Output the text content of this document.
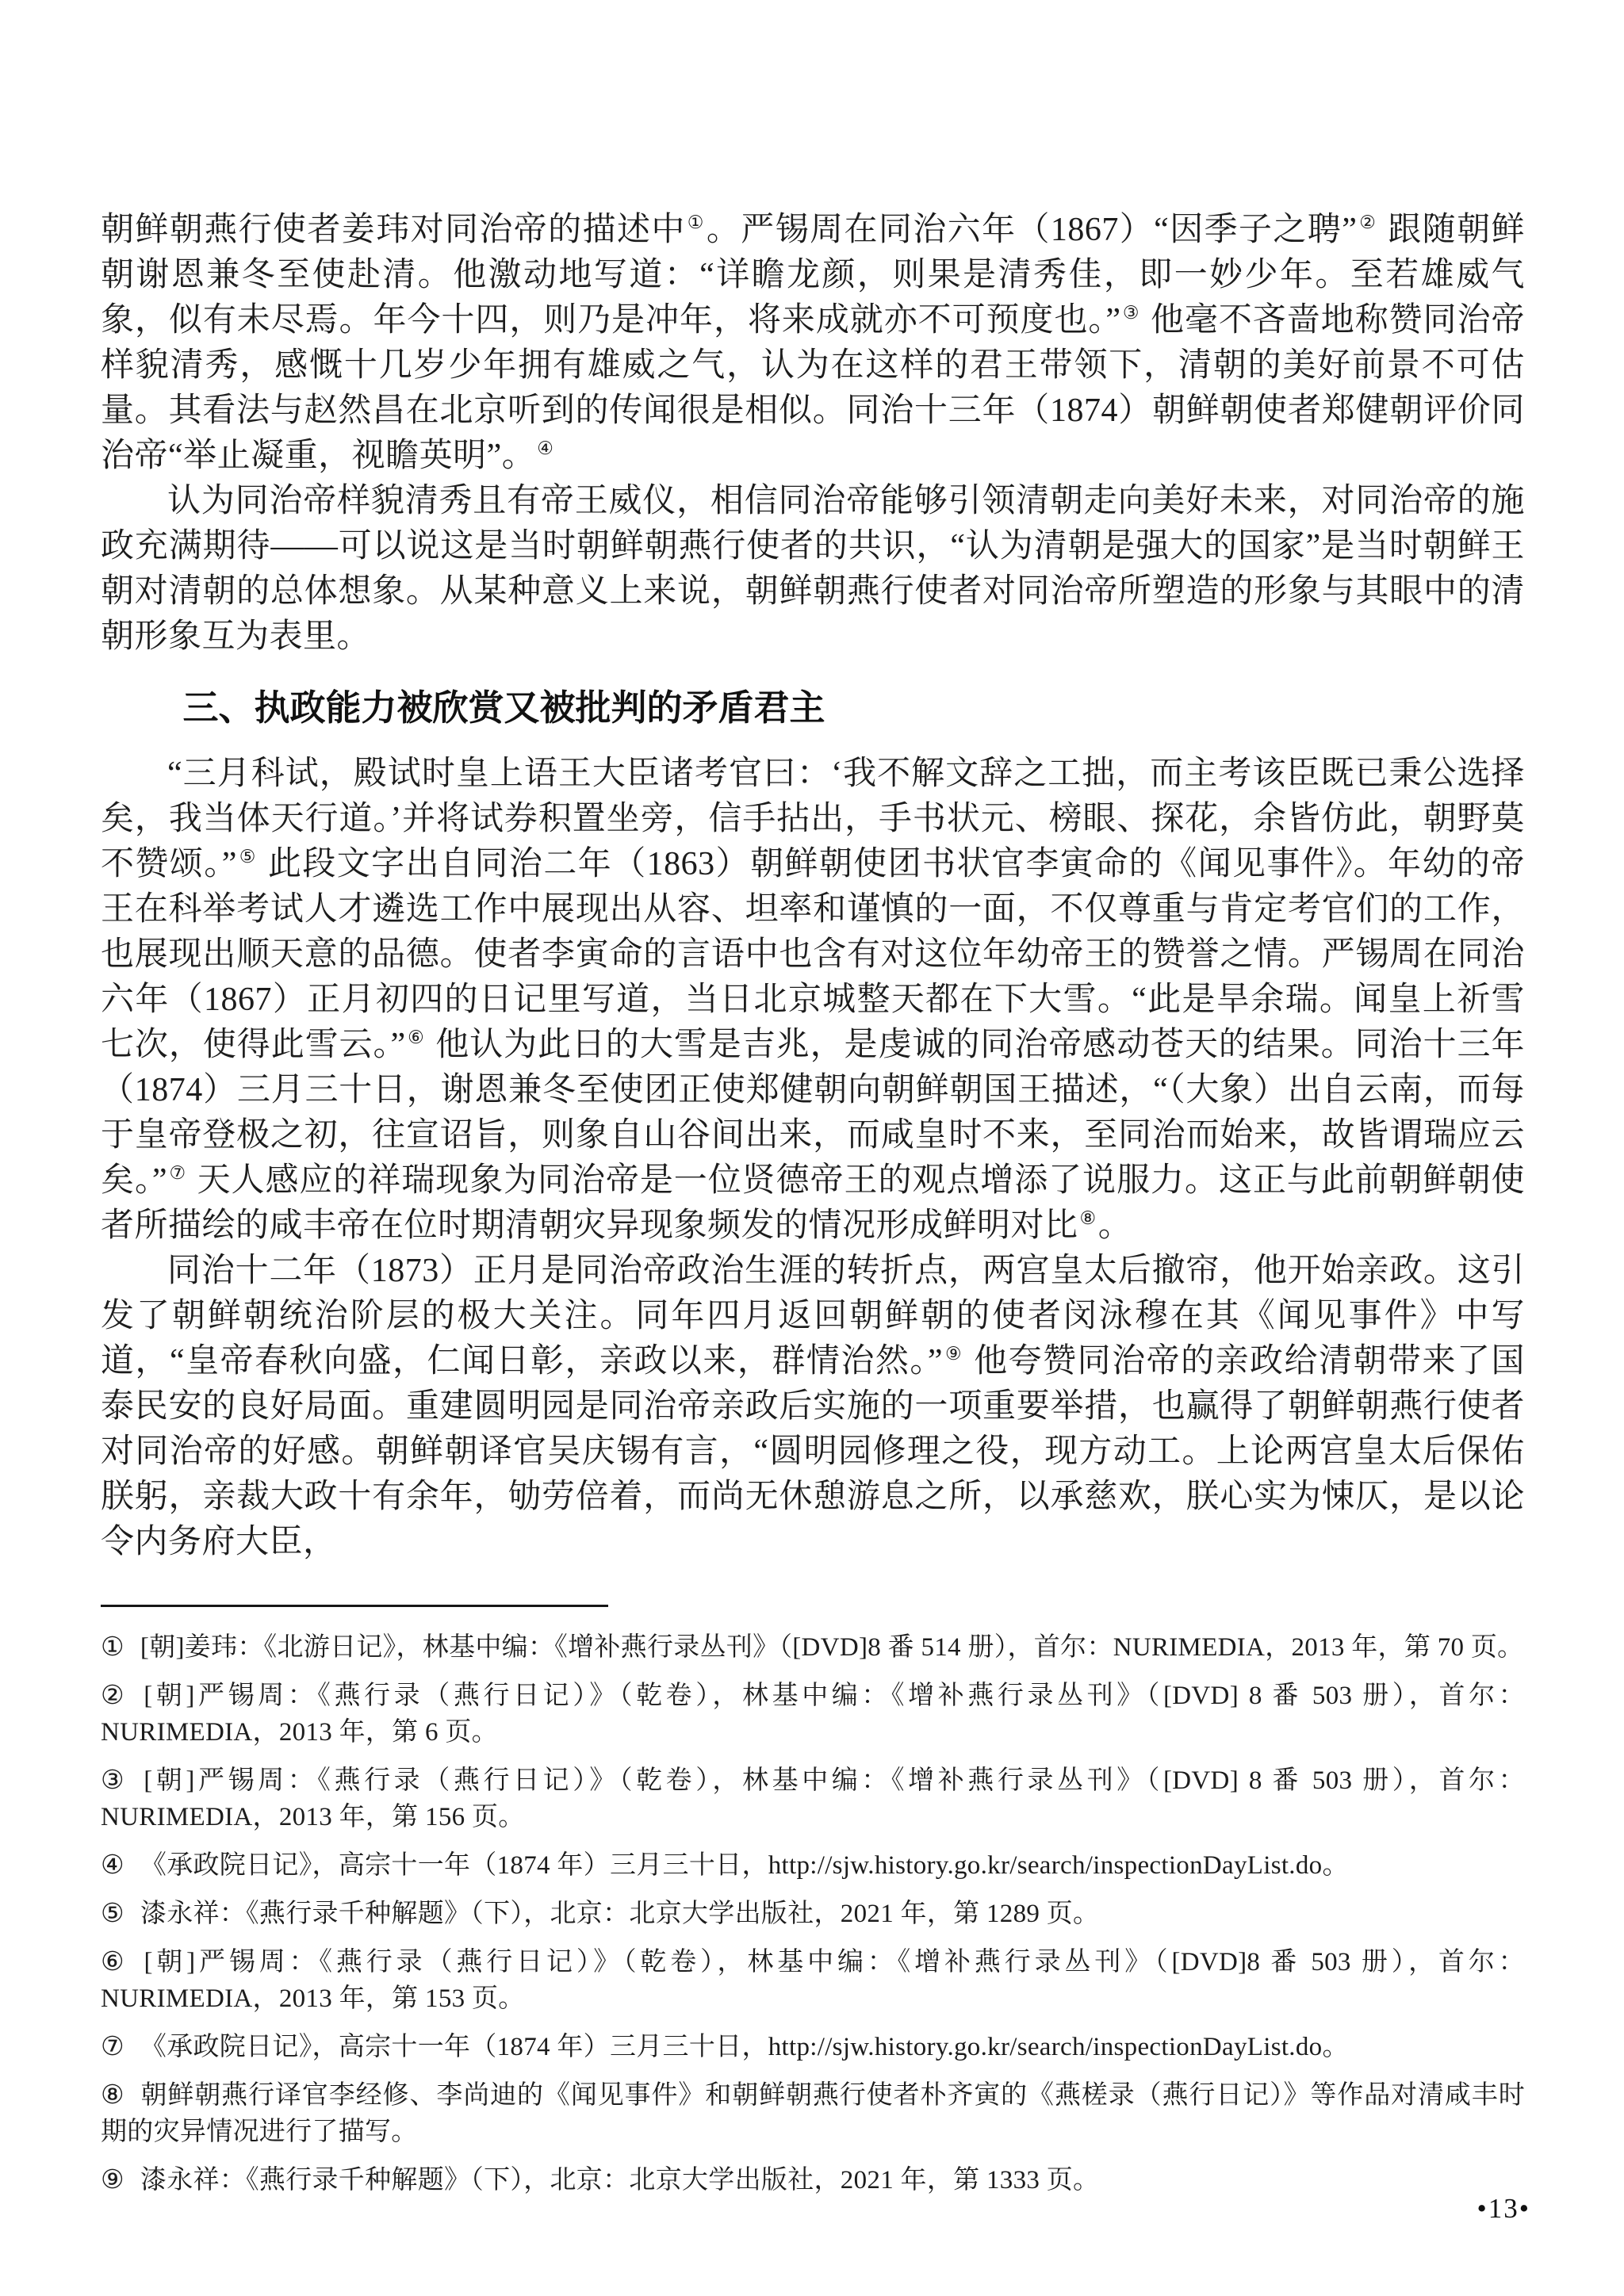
朝鲜朝燕行使者姜玮对同治帝的描述中①。严锡周在同治六年（1867）“因季子之聘”② 跟随朝鲜朝谢恩兼冬至使赴清。他激动地写道：“详瞻龙颜，则果是清秀佳，即一妙少年。至若雄威气象，似有未尽焉。年今十四，则乃是冲年，将来成就亦不可预度也。”③ 他毫不吝啬地称赞同治帝样貌清秀，感慨十几岁少年拥有雄威之气，认为在这样的君王带领下，清朝的美好前景不可估量。其看法与赵然昌在北京听到的传闻很是相似。同治十三年（1874）朝鲜朝使者郑健朝评价同治帝“举止凝重，视瞻英明”。④

认为同治帝样貌清秀且有帝王威仪，相信同治帝能够引领清朝走向美好未来，对同治帝的施政充满期待——可以说这是当时朝鲜朝燕行使者的共识，“认为清朝是强大的国家”是当时朝鲜王朝对清朝的总体想象。从某种意义上来说，朝鲜朝燕行使者对同治帝所塑造的形象与其眼中的清朝形象互为表里。

三、执政能力被欣赏又被批判的矛盾君主

“三月科试，殿试时皇上语王大臣诸考官曰：‘我不解文辞之工拙，而主考该臣既已秉公选择矣，我当体天行道。’并将试券积置坐旁，信手拈出，手书状元、榜眼、探花，余皆仿此，朝野莫不赞颂。”⑤ 此段文字出自同治二年（1863）朝鲜朝使团书状官李寅命的《闻见事件》。年幼的帝王在科举考试人才遴选工作中展现出从容、坦率和谨慎的一面，不仅尊重与肯定考官们的工作，也展现出顺天意的品德。使者李寅命的言语中也含有对这位年幼帝王的赞誉之情。严锡周在同治六年（1867）正月初四的日记里写道，当日北京城整天都在下大雪。“此是旱余瑞。闻皇上祈雪七次，使得此雪云。”⑥ 他认为此日的大雪是吉兆，是虔诚的同治帝感动苍天的结果。同治十三年（1874）三月三十日，谢恩兼冬至使团正使郑健朝向朝鲜朝国王描述，“（大象）出自云南，而每于皇帝登极之初，往宣诏旨，则象自山谷间出来，而咸皇时不来，至同治而始来，故皆谓瑞应云矣。”⑦ 天人感应的祥瑞现象为同治帝是一位贤德帝王的观点增添了说服力。这正与此前朝鲜朝使者所描绘的咸丰帝在位时期清朝灾异现象频发的情况形成鲜明对比⑧。

同治十二年（1873）正月是同治帝政治生涯的转折点，两宫皇太后撤帘，他开始亲政。这引发了朝鲜朝统治阶层的极大关注。同年四月返回朝鲜朝的使者闵泳穆在其《闻见事件》中写道，“皇帝春秋向盛，仁闻日彰，亲政以来，群情治然。”⑨ 他夸赞同治帝的亲政给清朝带来了国泰民安的良好局面。重建圆明园是同治帝亲政后实施的一项重要举措，也赢得了朝鲜朝燕行使者对同治帝的好感。朝鲜朝译官吴庆锡有言，“圆明园修理之役，现方动工。上论两宫皇太后保佑朕躬，亲裁大政十有余年，劬劳倍着，而尚无休憩游息之所，以承慈欢，朕心实为悚仄，是以论令内务府大臣，

① [朝]姜玮：《北游日记》，林基中编：《增补燕行录丛刊》（[DVD]8 番 514 册），首尔：NURIMEDIA，2013 年，第 70 页。

② [朝]严锡周：《燕行录（燕行日记）》（乾卷），林基中编：《增补燕行录丛刊》（[DVD] 8 番 503 册），首尔：NURIMEDIA，2013 年，第 6 页。

③ [朝]严锡周：《燕行录（燕行日记）》（乾卷），林基中编：《增补燕行录丛刊》（[DVD] 8 番 503 册），首尔：NURIMEDIA，2013 年，第 156 页。

④ 《承政院日记》，高宗十一年（1874 年）三月三十日，http://sjw.history.go.kr/search/inspectionDayList.do。

⑤ 漆永祥：《燕行录千种解题》（下），北京：北京大学出版社，2021 年，第 1289 页。

⑥ [朝]严锡周：《燕行录（燕行日记）》（乾卷），林基中编：《增补燕行录丛刊》（[DVD]8 番 503 册），首尔：NURIMEDIA，2013 年，第 153 页。

⑦ 《承政院日记》，高宗十一年（1874 年）三月三十日，http://sjw.history.go.kr/search/inspectionDayList.do。

⑧ 朝鲜朝燕行译官李经修、李尚迪的《闻见事件》和朝鲜朝燕行使者朴齐寅的《燕槎录（燕行日记）》等作品对清咸丰时期的灾异情况进行了描写。

⑨ 漆永祥：《燕行录千种解题》（下），北京：北京大学出版社，2021 年，第 1333 页。

•13•
